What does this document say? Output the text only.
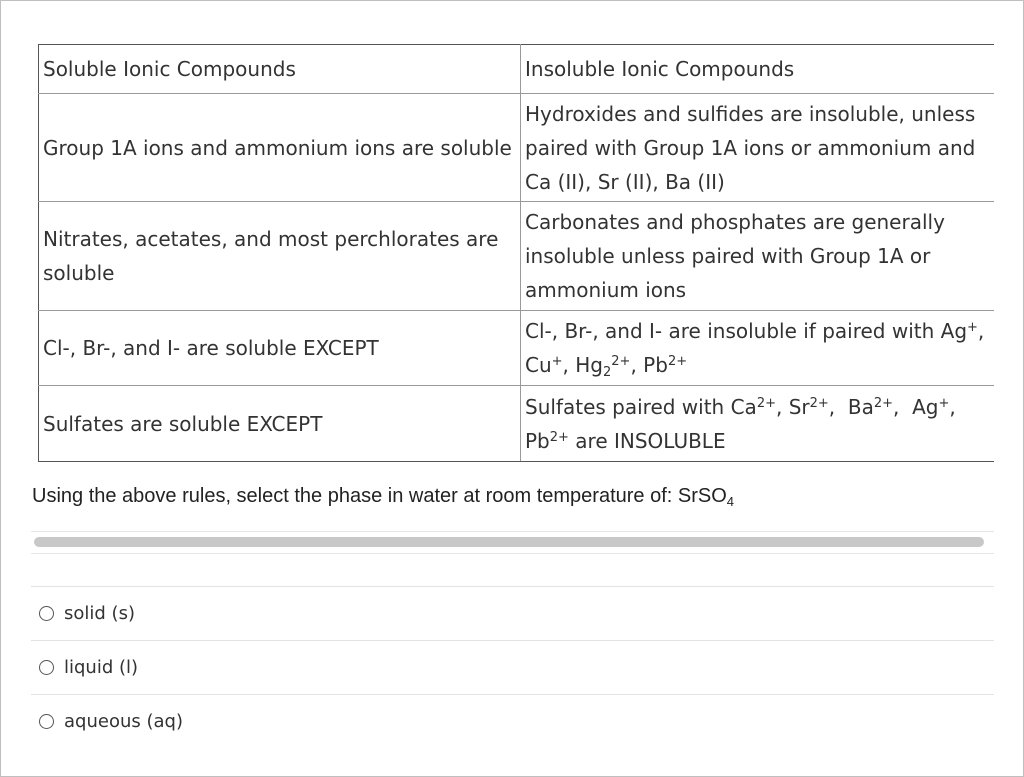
Soluble Ionic Compounds	Insoluble Ionic Compounds
Group 1A ions and ammonium ions are soluble	Hydroxides and sulfides are insoluble, unless
paired with Group 1A ions or ammonium and
Ca (II), Sr (II), Ba (II)
Nitrates, acetates, and most perchlorates are
soluble	Carbonates and phosphates are generally
insoluble unless paired with Group 1A or
ammonium ions
Cl-, Br-, and I- are soluble EXCEPT	Cl-, Br-, and I- are insoluble if paired with Ag+,
Cu+, $Hg_2^{2+}$, $Pb^{2+}$
Sulfates are soluble EXCEPT	Sulfates paired with $Ca^{2+}$, $Sr^{2+}$,  $Ba^{2+}$,  Ag+,
$Pb^{2+}$ are INSOLUBLE
Using the above rules, select the phase in water at room temperature of: SrSO$_4$
solid (s)
liquid (l)
aqueous (aq)
